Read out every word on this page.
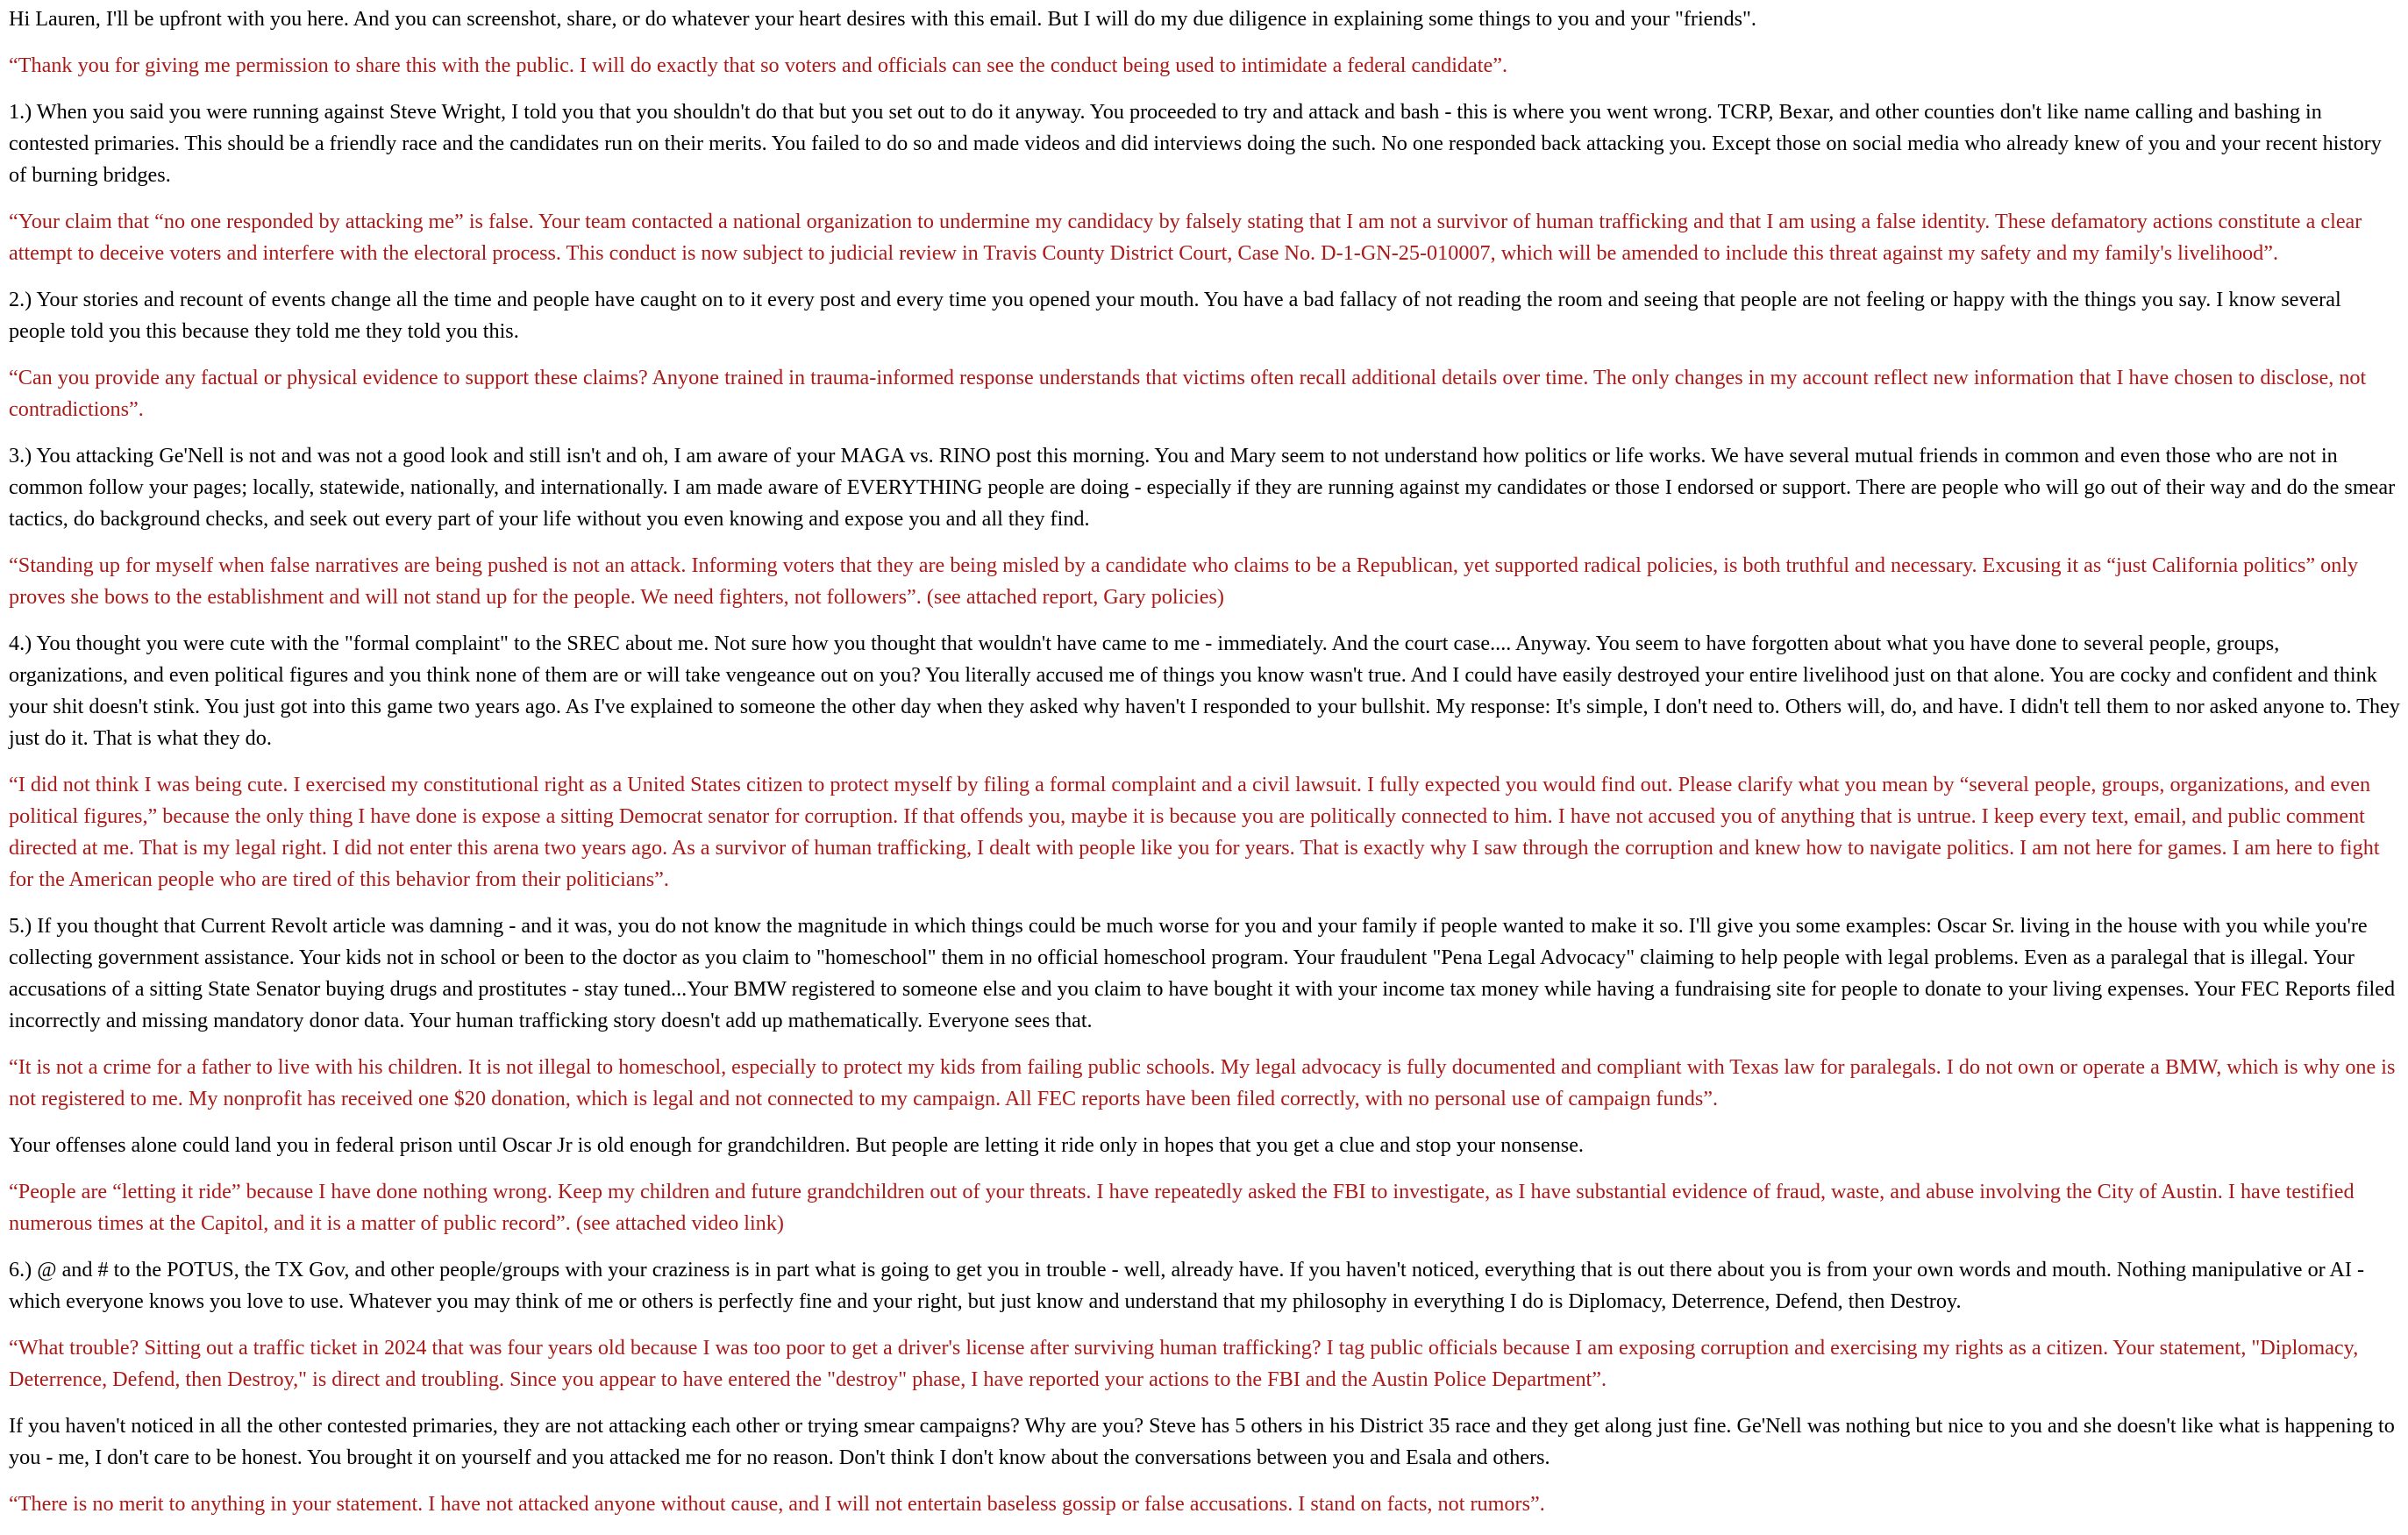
Hi Lauren, I'll be upfront with you here. And you can screenshot, share, or do whatever your heart desires with this email. But I will do my due diligence in explaining some things to you and your "friends".

“Thank you for giving me permission to share this with the public. I will do exactly that so voters and officials can see the conduct being used to intimidate a federal candidate”.

1.) When you said you were running against Steve Wright, I told you that you shouldn't do that but you set out to do it anyway. You proceeded to try and attack and bash - this is where you went wrong. TCRP, Bexar, and other counties don't like name calling and bashing in contested primaries. This should be a friendly race and the candidates run on their merits. You failed to do so and made videos and did interviews doing the such. No one responded back attacking you. Except those on social media who already knew of you and your recent history of burning bridges.

“Your claim that “no one responded by attacking me” is false. Your team contacted a national organization to undermine my candidacy by falsely stating that I am not a survivor of human trafficking and that I am using a false identity. These defamatory actions constitute a clear attempt to deceive voters and interfere with the electoral process. This conduct is now subject to judicial review in Travis County District Court, Case No. D-1-GN-25-010007, which will be amended to include this threat against my safety and my family's livelihood”.

2.) Your stories and recount of events change all the time and people have caught on to it every post and every time you opened your mouth. You have a bad fallacy of not reading the room and seeing that people are not feeling or happy with the things you say. I know several people told you this because they told me they told you this.

“Can you provide any factual or physical evidence to support these claims? Anyone trained in trauma-informed response understands that victims often recall additional details over time. The only changes in my account reflect new information that I have chosen to disclose, not contradictions”.

3.) You attacking Ge'Nell is not and was not a good look and still isn't and oh, I am aware of your MAGA vs. RINO post this morning. You and Mary seem to not understand how politics or life works. We have several mutual friends in common and even those who are not in common follow your pages; locally, statewide, nationally, and internationally. I am made aware of EVERYTHING people are doing - especially if they are running against my candidates or those I endorsed or support. There are people who will go out of their way and do the smear tactics, do background checks, and seek out every part of your life without you even knowing and expose you and all they find.

“Standing up for myself when false narratives are being pushed is not an attack. Informing voters that they are being misled by a candidate who claims to be a Republican, yet supported radical policies, is both truthful and necessary. Excusing it as “just California politics” only proves she bows to the establishment and will not stand up for the people. We need fighters, not followers”. (see attached report, Gary policies)

4.) You thought you were cute with the "formal complaint" to the SREC about me. Not sure how you thought that wouldn't have came to me - immediately. And the court case.... Anyway. You seem to have forgotten about what you have done to several people, groups, organizations, and even political figures and you think none of them are or will take vengeance out on you? You literally accused me of things you know wasn't true. And I could have easily destroyed your entire livelihood just on that alone. You are cocky and confident and think your shit doesn't stink. You just got into this game two years ago. As I've explained to someone the other day when they asked why haven't I responded to your bullshit. My response: It's simple, I don't need to. Others will, do, and have. I didn't tell them to nor asked anyone to. They just do it. That is what they do.

“I did not think I was being cute. I exercised my constitutional right as a United States citizen to protect myself by filing a formal complaint and a civil lawsuit. I fully expected you would find out. Please clarify what you mean by “several people, groups, organizations, and even political figures,” because the only thing I have done is expose a sitting Democrat senator for corruption. If that offends you, maybe it is because you are politically connected to him. I have not accused you of anything that is untrue. I keep every text, email, and public comment directed at me. That is my legal right. I did not enter this arena two years ago. As a survivor of human trafficking, I dealt with people like you for years. That is exactly why I saw through the corruption and knew how to navigate politics. I am not here for games. I am here to fight for the American people who are tired of this behavior from their politicians”.

5.) If you thought that Current Revolt article was damning - and it was, you do not know the magnitude in which things could be much worse for you and your family if people wanted to make it so. I'll give you some examples: Oscar Sr. living in the house with you while you're collecting government assistance. Your kids not in school or been to the doctor as you claim to "homeschool" them in no official homeschool program. Your fraudulent "Pena Legal Advocacy" claiming to help people with legal problems. Even as a paralegal that is illegal. Your accusations of a sitting State Senator buying drugs and prostitutes - stay tuned...Your BMW registered to someone else and you claim to have bought it with your income tax money while having a fundraising site for people to donate to your living expenses. Your FEC Reports filed incorrectly and missing mandatory donor data. Your human trafficking story doesn't add up mathematically. Everyone sees that.

“It is not a crime for a father to live with his children. It is not illegal to homeschool, especially to protect my kids from failing public schools. My legal advocacy is fully documented and compliant with Texas law for paralegals. I do not own or operate a BMW, which is why one is not registered to me. My nonprofit has received one $20 donation, which is legal and not connected to my campaign. All FEC reports have been filed correctly, with no personal use of campaign funds”.

Your offenses alone could land you in federal prison until Oscar Jr is old enough for grandchildren. But people are letting it ride only in hopes that you get a clue and stop your nonsense.

“People are “letting it ride” because I have done nothing wrong. Keep my children and future grandchildren out of your threats. I have repeatedly asked the FBI to investigate, as I have substantial evidence of fraud, waste, and abuse involving the City of Austin. I have testified numerous times at the Capitol, and it is a matter of public record”. (see attached video link)

6.) @ and # to the POTUS, the TX Gov, and other people/groups with your craziness is in part what is going to get you in trouble - well, already have. If you haven't noticed, everything that is out there about you is from your own words and mouth. Nothing manipulative or AI - which everyone knows you love to use. Whatever you may think of me or others is perfectly fine and your right, but just know and understand that my philosophy in everything I do is Diplomacy, Deterrence, Defend, then Destroy.

“What trouble? Sitting out a traffic ticket in 2024 that was four years old because I was too poor to get a driver's license after surviving human trafficking? I tag public officials because I am exposing corruption and exercising my rights as a citizen. Your statement, "Diplomacy, Deterrence, Defend, then Destroy," is direct and troubling. Since you appear to have entered the "destroy" phase, I have reported your actions to the FBI and the Austin Police Department”.

If you haven't noticed in all the other contested primaries, they are not attacking each other or trying smear campaigns? Why are you? Steve has 5 others in his District 35 race and they get along just fine. Ge'Nell was nothing but nice to you and she doesn't like what is happening to you - me, I don't care to be honest. You brought it on yourself and you attacked me for no reason. Don't think I don't know about the conversations between you and Esala and others.

“There is no merit to anything in your statement. I have not attacked anyone without cause, and I will not entertain baseless gossip or false accusations. I stand on facts, not rumors”.
